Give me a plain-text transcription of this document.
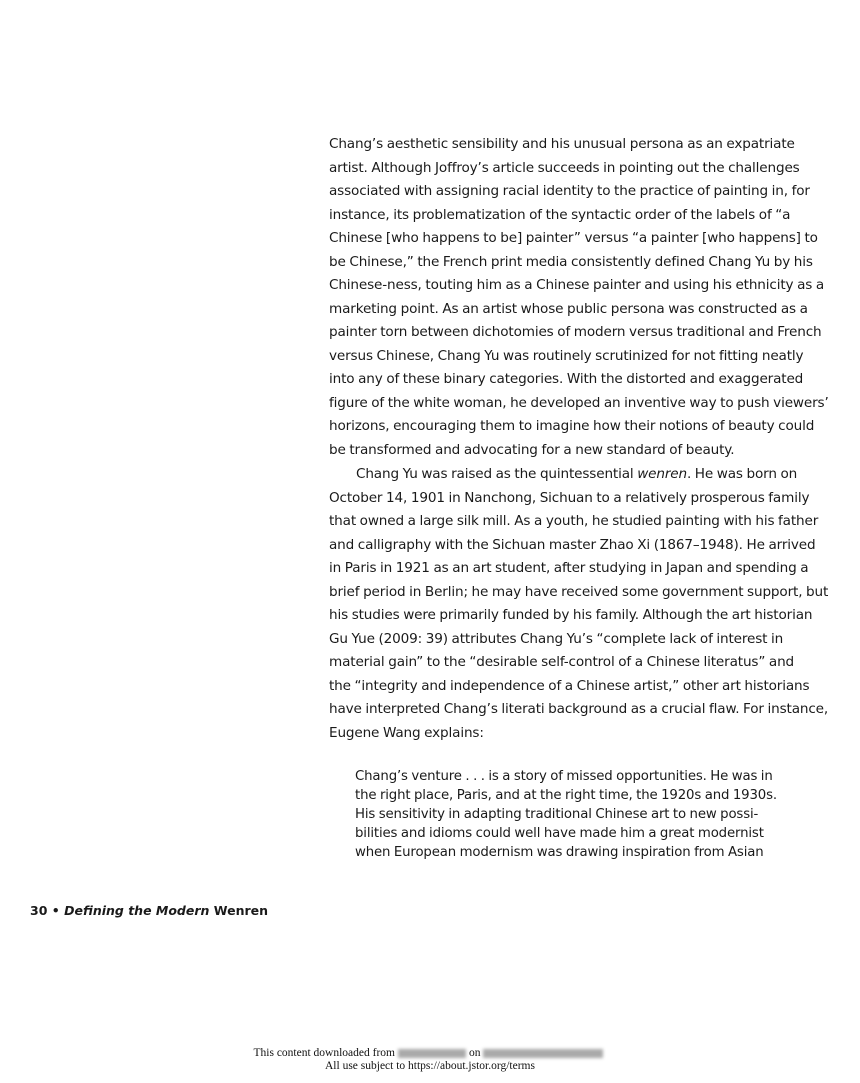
Chang’s aesthetic sensibility and his unusual persona as an expatriate
artist. Although Joffroy’s article succeeds in pointing out the challenges
associated with assigning racial identity to the practice of painting in, for
instance, its problematization of the syntactic order of the labels of “a
Chinese [who happens to be] painter” versus “a painter [who happens] to
be Chinese,” the French print media consistently defined Chang Yu by his
Chinese-ness, touting him as a Chinese painter and using his ethnicity as a
marketing point. As an artist whose public persona was constructed as a
painter torn between dichotomies of modern versus traditional and French
versus Chinese, Chang Yu was routinely scrutinized for not fitting neatly
into any of these binary categories. With the distorted and exaggerated
figure of the white woman, he developed an inventive way to push viewers’
horizons, encouraging them to imagine how their notions of beauty could
be transformed and advocating for a new standard of beauty.
Chang Yu was raised as the quintessential wenren. He was born on
October 14, 1901 in Nanchong, Sichuan to a relatively prosperous family
that owned a large silk mill. As a youth, he studied painting with his father
and calligraphy with the Sichuan master Zhao Xi (1867–1948). He arrived
in Paris in 1921 as an art student, after studying in Japan and spending a
brief period in Berlin; he may have received some government support, but
his studies were primarily funded by his family. Although the art historian
Gu Yue (2009: 39) attributes Chang Yu’s “complete lack of interest in
material gain” to the “desirable self-control of a Chinese literatus” and
the “integrity and independence of a Chinese artist,” other art historians
have interpreted Chang’s literati background as a crucial flaw. For instance,
Eugene Wang explains:
Chang’s venture . . . is a story of missed opportunities. He was in
the right place, Paris, and at the right time, the 1920s and 1930s.
His sensitivity in adapting traditional Chinese art to new possi-
bilities and idioms could well have made him a great modernist
when European modernism was drawing inspiration from Asian
30 • Defining the Modern Wenren
This content downloaded from	on
All use subject to https://about.jstor.org/terms
